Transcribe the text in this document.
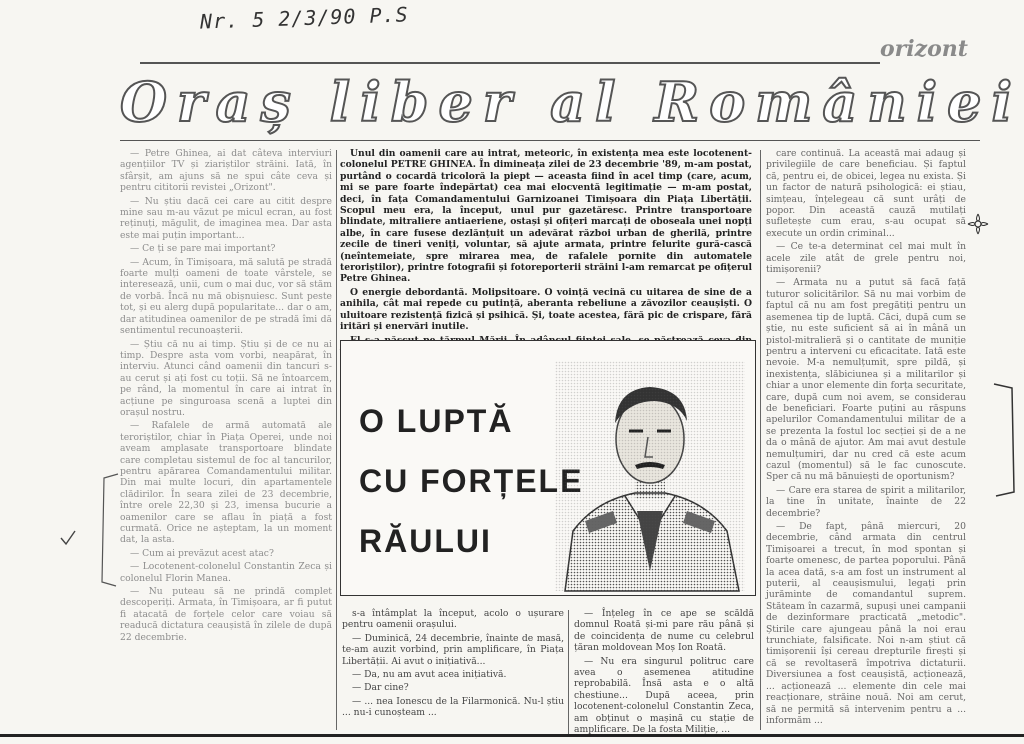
Nr. 5 2/3/90 P.S
orizont
Oraș liber al României

— Petre Ghinea, ai dat câteva interviuri agențiilor TV și ziariștilor străini. Iată, în sfârșit, am ajuns să ne spui câte ceva și pentru cititorii revistei „Orizont".

— Nu știu dacă cei care au citit despre mine sau m-au văzut pe micul ecran, au fost reținuți, măgulit, de imaginea mea. Dar asta este mai puțin important...

— Ce ți se pare mai important?

— Acum, în Timișoara, mă salută pe stradă foarte mulți oameni de toate vârstele, se interesează, unii, cum o mai duc, vor să stăm de vorbă. Încă nu mă obișnuiesc. Sunt peste tot, și eu alerg după popularitate... dar o am, dar atitudinea oamenilor de pe stradă îmi dă sentimentul recunoașterii.

— Știu că nu ai timp. Știu și de ce nu ai timp. Despre asta vom vorbi, neapărat, în interviu. Atunci când oamenii din tancuri s-au cerut și ați fost cu toții. Să ne întoarcem, pe rând, la momentul în care ai intrat în acțiune pe singuroasa scenă a luptei din orașul nostru.

— Rafalele de armă automată ale teroriștilor, chiar în Piața Operei, unde noi aveam amplasate transportoare blindate care completau sistemul de foc al tancurilor, pentru apărarea Comandamentului militar. Din mai multe locuri, din apartamentele clădirilor. În seara zilei de 23 decembrie, între orele 22,30 și 23, imensa bucurie a oamenilor care se aflau în piață a fost curmată. Orice ne așteptam, la un moment dat, la asta.

— Cum ai prevăzut acest atac?

— Locotenent-colonelul Constantin Zeca și colonelul Florin Manea.

— Nu puteau să ne prindă complet descoperiți. Armata, în Timișoara, ar fi putut fi atacată de forțele celor care voiau să readucă dictatura ceaușistă în zilele de după 22 decembrie.

Unul din oamenii care au intrat, meteoric, în existența mea este locotenent-colonelul PETRE GHINEA. În dimineața zilei de 23 decembrie '89, m-am postat, purtând o cocardă tricoloră la piept — aceasta fiind în acel timp (care, acum, mi se pare foarte îndepărtat) cea mai elocventă legitimație — m-am postat, deci, în fața Comandamentului Garnizoanei Timișoara din Piața Libertății. Scopul meu era, la început, unul pur gazetăresc. Printre transportoare blindate, mitraliere antiaeriene, ostași și ofițeri marcați de oboseala unei nopți albe, în care fusese dezlănțuit un adevărat război urban de gherilă, printre zecile de tineri veniți, voluntar, să ajute armata, printre felurite gură-cască (neîntemeiate, spre mirarea mea, de rafalele pornite din automatele teroriștilor), printre fotografii și fotoreporterii străini l-am remarcat pe ofițerul Petre Ghinea.

O energie debordantă. Molipsitoare. O voință vecină cu uitarea de sine de a anihila, cât mai repede cu putință, aberanta rebeliune a zăvozilor ceaușiști. O uluitoare rezistență fizică și psihică. Și, toate acestea, fără pic de crispare, fără iritări și enervări inutile.

O LUPTĂ
CU FORȚELE
RĂULUI

care continuă. La această mai adaug și privilegiile de care beneficiau. Și faptul că, pentru ei, de obicei, legea nu exista. Și un factor de natură psihologică: ei știau, simțeau, înțelegeau că sunt urâți de popor. Din această cauză mutilați sufletește cum erau, s-au ocupat să execute un ordin criminal...

— Ce te-a determinat cel mai mult în acele zile atât de grele pentru noi, timișorenii?

— Armata nu a putut să facă față tuturor solicitărilor. Să nu mai vorbim de faptul că nu am fost pregătiți pentru un asemenea tip de luptă. Căci, după cum se știe, nu este suficient să ai în mână un pistol-mitralieră și o cantitate de muniție pentru a interveni cu eficacitate. Iată este nevoie. M-a nemulțumit, spre pildă, și inexistența, slăbiciunea și a militarilor și chiar a unor elemente din forța securitate, care, după cum noi avem, se considerau de beneficiari. Foarte puțini au răspuns apelurilor Comandamentului militar de a se prezenta la fostul loc secției și de a ne da o mână de ajutor. Am mai avut destule nemulțumiri, dar nu cred că este acum cazul (momentul) să le fac cunoscute. Sper că nu mă bănuiești de oportunism?

— Care era starea de spirit a militarilor, la tine în unitate, înainte de 22 decembrie?

— De fapt, până miercuri, 20 decembrie, când armata din centrul Timișoarei a trecut, în mod spontan și foarte omenesc, de partea poporului. Până la acea dată, s-a am fost un instrument al puterii, al ceaușismului, legați prin jurăminte de comandantul suprem. Stăteam în cazarmă, supuși unei campanii de dezinformare practicată „metodic". Știrile care ajungeau până la noi erau trunchiate, falsificate. Noi n-am știut că timișorenii își cereau drepturile firești și că se revoltaseră împotriva dictaturii. Diversiunea a fost ceaușistă, acționează, ... acționează ... elemente din cele mai reacționare, străine nouă. Noi am cerut, să ne permită să intervenim pentru a ... informăm ...

s-a întâmplat la început, acolo o ușurare pentru oamenii orașului.

— Duminică, 24 decembrie, înainte de masă, te-am auzit vorbind, prin amplificare, în Piața Libertății. Ai avut o inițiativă...

— Da, nu am avut acea inițiativă.

— Dar cine?

— ... nea Ionescu de la Filarmonică. Nu-l știu ... nu-i cunoșteam ...

— Înțeleg în ce ape se scăldă domnul Roată și-mi pare rău până și de coincidența de nume cu celebrul țăran moldovean Moș Ion Roată.

— Nu era singurul politruc care avea o asemenea atitudine reprobabilă. Însă asta e o altă chestiune... După aceea, prin locotenent-colonelul Constantin Zeca, am obținut o mașină cu stație de amplificare. De la fosta Miliție, ...
